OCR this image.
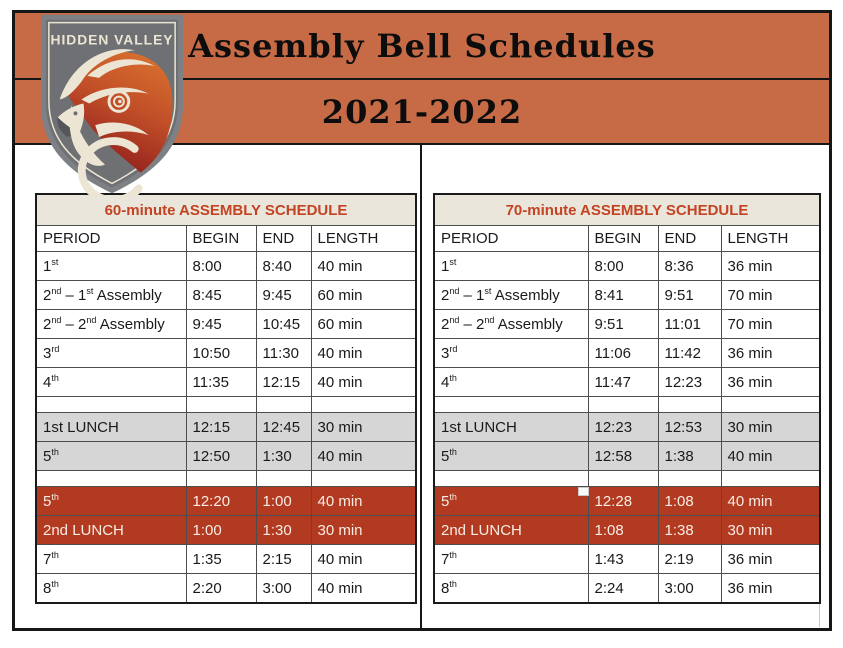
Assembly Bell Schedules
2021-2022

HIDDEN VALLEY
60-minute ASSEMBLY SCHEDULE			
PERIOD	BEGIN	END	LENGTH
1st	8:00	8:40	40 min
2nd – 1st Assembly	8:45	9:45	60 min
2nd – 2nd Assembly	9:45	10:45	60 min
3rd	10:50	11:30	40 min
4th	11:35	12:15	40 min

1st LUNCH	12:15	12:45	30 min
5th	12:50	1:30	40 min

5th	12:20	1:00	40 min
2nd LUNCH	1:00	1:30	30 min
7th	1:35	2:15	40 min
8th	2:20	3:00	40 min
70-minute ASSEMBLY SCHEDULE			
PERIOD	BEGIN	END	LENGTH
1st	8:00	8:36	36 min
2nd – 1st Assembly	8:41	9:51	70 min
2nd – 2nd Assembly	9:51	11:01	70 min
3rd	11:06	11:42	36 min
4th	11:47	12:23	36 min

1st LUNCH	12:23	12:53	30 min
5th	12:58	1:38	40 min

5th	12:28	1:08	40 min
2nd LUNCH	1:08	1:38	30 min
7th	1:43	2:19	36 min
8th	2:24	3:00	36 min
